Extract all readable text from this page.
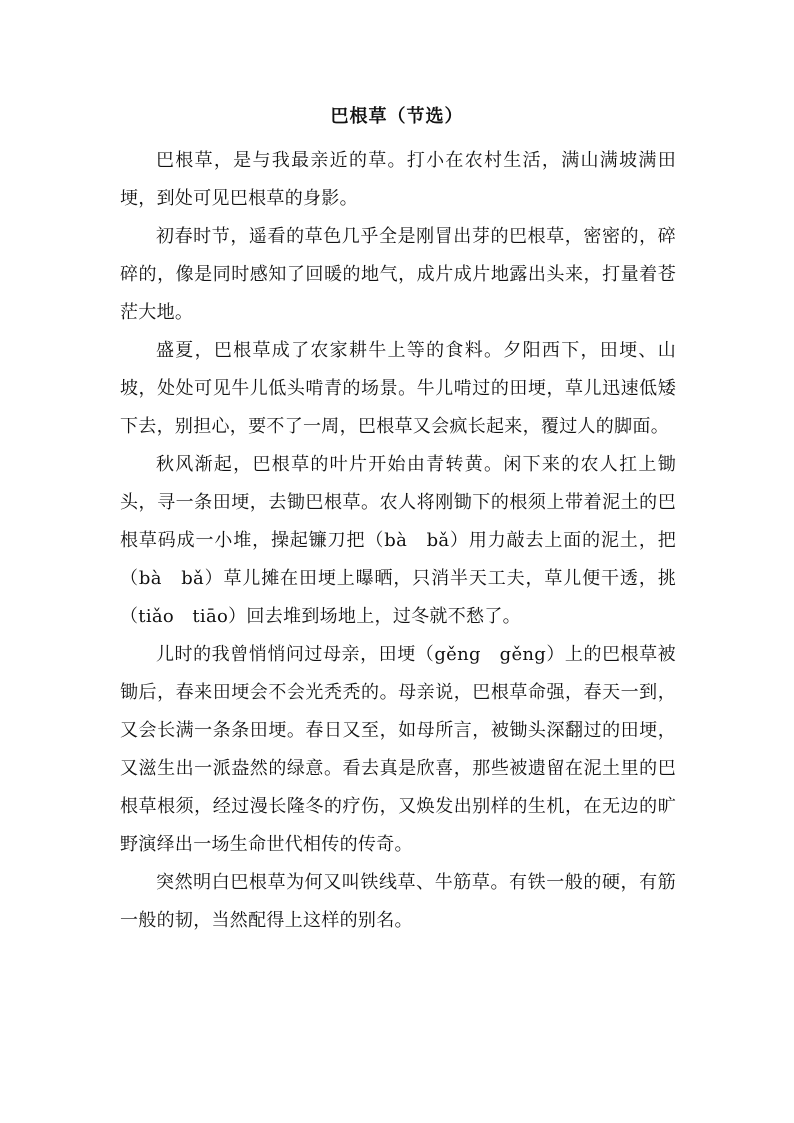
巴根草（节选）

巴根草，是与我最亲近的草。打小在农村生活，满山满坡满田埂，到处可见巴根草的身影。

初春时节，遥看的草色几乎全是刚冒出芽的巴根草，密密的，碎碎的，像是同时感知了回暖的地气，成片成片地露出头来，打量着苍茫大地。

盛夏，巴根草成了农家耕牛上等的食料。夕阳西下，田埂、山坡，处处可见牛儿低头啃青的场景。牛儿啃过的田埂，草儿迅速低矮下去，别担心，要不了一周，巴根草又会疯长起来，覆过人的脚面。

秋风渐起，巴根草的叶片开始由青转黄。闲下来的农人扛上锄头，寻一条田埂，去锄巴根草。农人将刚锄下的根须上带着泥土的巴根草码成一小堆，操起镰刀把（bà　bǎ）用力敲去上面的泥土，把（bà　bǎ）草儿摊在田埂上曝晒，只消半天工夫，草儿便干透，挑（tiǎo　tiāo）回去堆到场地上，过冬就不愁了。

儿时的我曾悄悄问过母亲，田埂（gěng　gěng）上的巴根草被锄后，春来田埂会不会光秃秃的。母亲说，巴根草命强，春天一到，又会长满一条条田埂。春日又至，如母所言，被锄头深翻过的田埂，又滋生出一派盎然的绿意。看去真是欣喜，那些被遗留在泥土里的巴根草根须，经过漫长隆冬的疗伤，又焕发出别样的生机，在无边的旷野演绎出一场生命世代相传的传奇。

突然明白巴根草为何又叫铁线草、牛筋草。有铁一般的硬，有筋一般的韧，当然配得上这样的别名。
